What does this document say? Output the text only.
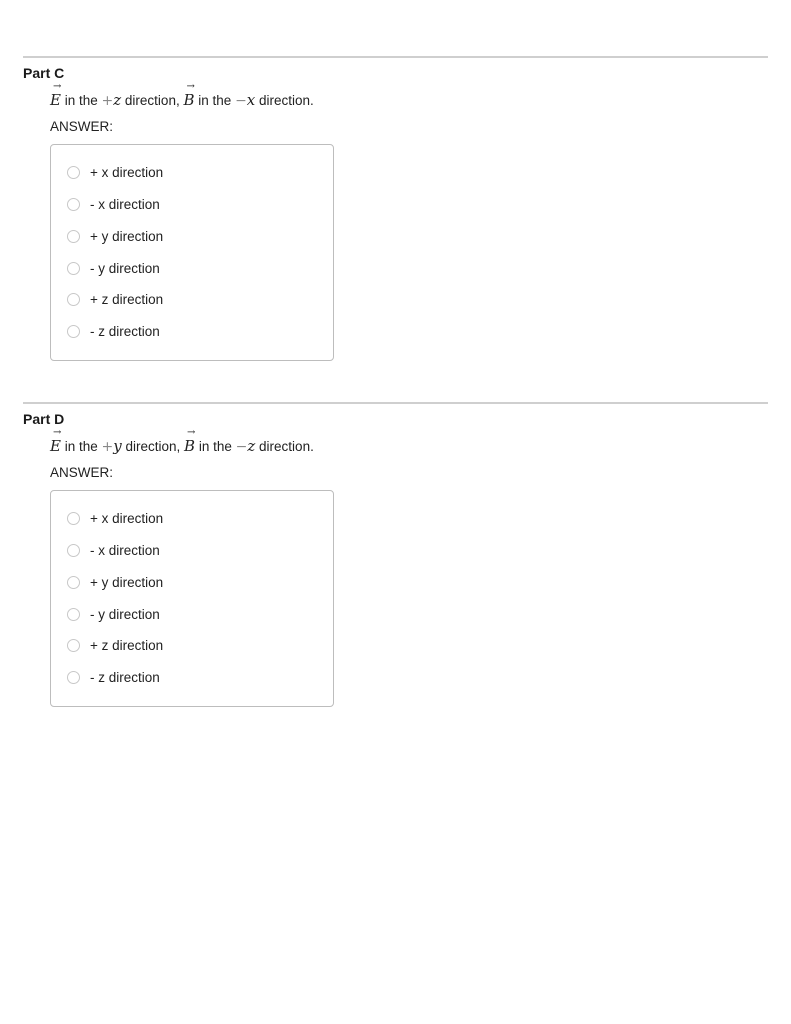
Part C
→
E in the +z direction,
→
B in the −x direction.
ANSWER:
+ x direction
- x direction
+ y direction
- y direction
+ z direction
- z direction
Part D
→
E in the +y direction,
→
B in the −z direction.
ANSWER:
+ x direction
- x direction
+ y direction
- y direction
+ z direction
- z direction
